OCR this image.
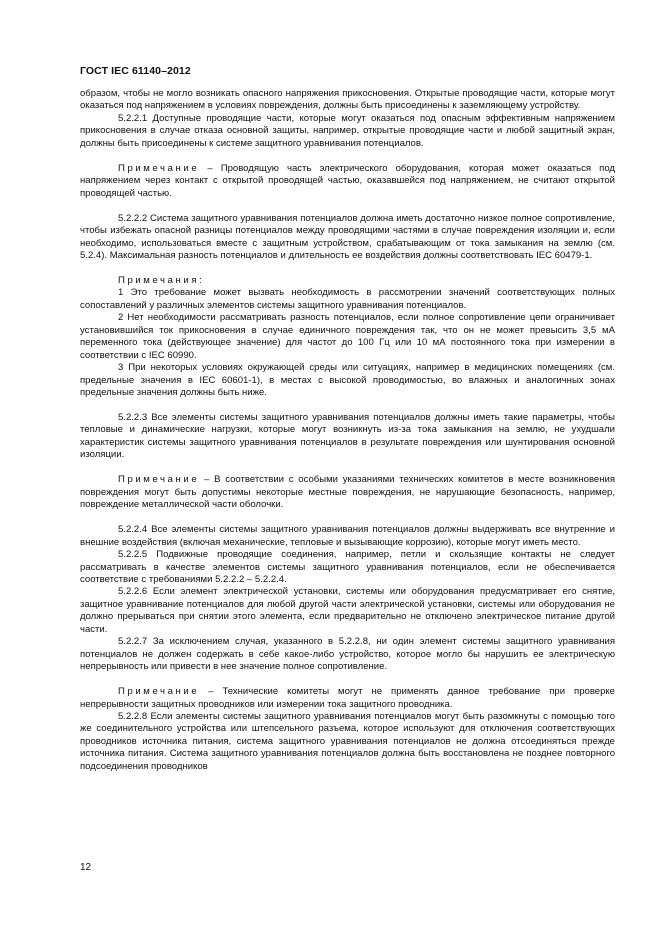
ГОСТ IEC 61140–2012

образом, чтобы не могло возникать опасного напряжения прикосновения. Открытые проводящие части, которые могут оказаться под напряжением в условиях повреждения, должны быть присоединены к заземляющему устройству.

5.2.2.1 Доступные проводящие части, которые могут оказаться под опасным эффективным напряжением прикосновения в случае отказа основной защиты, например, открытые проводящие части и любой защитный экран, должны быть присоединены к системе защитного уравнивания потенциалов.

Примечание – Проводящую часть электрического оборудования, которая может оказаться под напряжением через контакт с открытой проводящей частью, оказавшейся под напряжением, не считают открытой проводящей частью.

5.2.2.2 Система защитного уравнивания потенциалов должна иметь достаточно низкое полное сопротивление, чтобы избежать опасной разницы потенциалов между проводящими частями в случае повреждения изоляции и, если необходимо, использоваться вместе с защитным устройством, срабатывающим от тока замыкания на землю (см. 5.2.4). Максимальная разность потенциалов и длительность ее воздействия должны соответствовать IEC 60479-1.

Примечания:

1 Это требование может вызвать необходимость в рассмотрении значений соответствующих полных сопоставлений у различных элементов системы защитного уравнивания потенциалов.

2 Нет необходимости рассматривать разность потенциалов, если полное сопротивление цепи ограничивает установившийся ток прикосновения в случае единичного повреждения так, что он не может превысить 3,5 мА переменного тока (действующее значение) для частот до 100 Гц или 10 мА постоянного тока при измерении в соответствии с IEC 60990.

3 При некоторых условиях окружающей среды или ситуациях, например в медицинских помещениях (см. предельные значения в IEC 60601-1), в местах с высокой проводимостью, во влажных и аналогичных зонах предельные значения должны быть ниже.

5.2.2.3 Все элементы системы защитного уравнивания потенциалов должны иметь такие параметры, чтобы тепловые и динамические нагрузки, которые могут возникнуть из-за тока замыкания на землю, не ухудшали характеристик системы защитного уравнивания потенциалов в результате повреждения или шунтирования основной изоляции.

Примечание – В соответствии с особыми указаниями технических комитетов в месте возникновения повреждения могут быть допустимы некоторые местные повреждения, не нарушающие безопасность, например, повреждение металлической части оболочки.

5.2.2.4 Все элементы системы защитного уравнивания потенциалов должны выдерживать все внутренние и внешние воздействия (включая механические, тепловые и вызывающие коррозию), которые могут иметь место.

5.2.2.5 Подвижные проводящие соединения, например, петли и скользящие контакты не следует рассматривать в качестве элементов системы защитного уравнивания потенциалов, если не обеспечивается соответствие с требованиями 5.2.2.2 – 5.2.2.4.

5.2.2.6 Если элемент электрической установки, системы или оборудования предусматривает его снятие, защитное уравнивание потенциалов для любой другой части электрической установки, системы или оборудования не должно прерываться при снятии этого элемента, если предварительно не отключено электрическое питание другой части.

5.2.2.7 За исключением случая, указанного в 5.2.2.8, ни один элемент системы защитного уравнивания потенциалов не должен содержать в себе какое-либо устройство, которое могло бы нарушить ее электрическую непрерывность или привести в нее значение полное сопротивление.

Примечание – Технические комитеты могут не применять данное требование при проверке непрерывности защитных проводников или измерении тока защитного проводника.

5.2.2.8 Если элементы системы защитного уравнивания потенциалов могут быть разомкнуты с помощью того же соединительного устройства или штепсельного разъема, которое используют для отключения соответствующих проводников источника питания, система защитного уравнивания потенциалов не должна отсоединяться прежде источника питания. Система защитного уравнивания потенциалов должна быть восстановлена не позднее повторного подсоединения проводников

12
